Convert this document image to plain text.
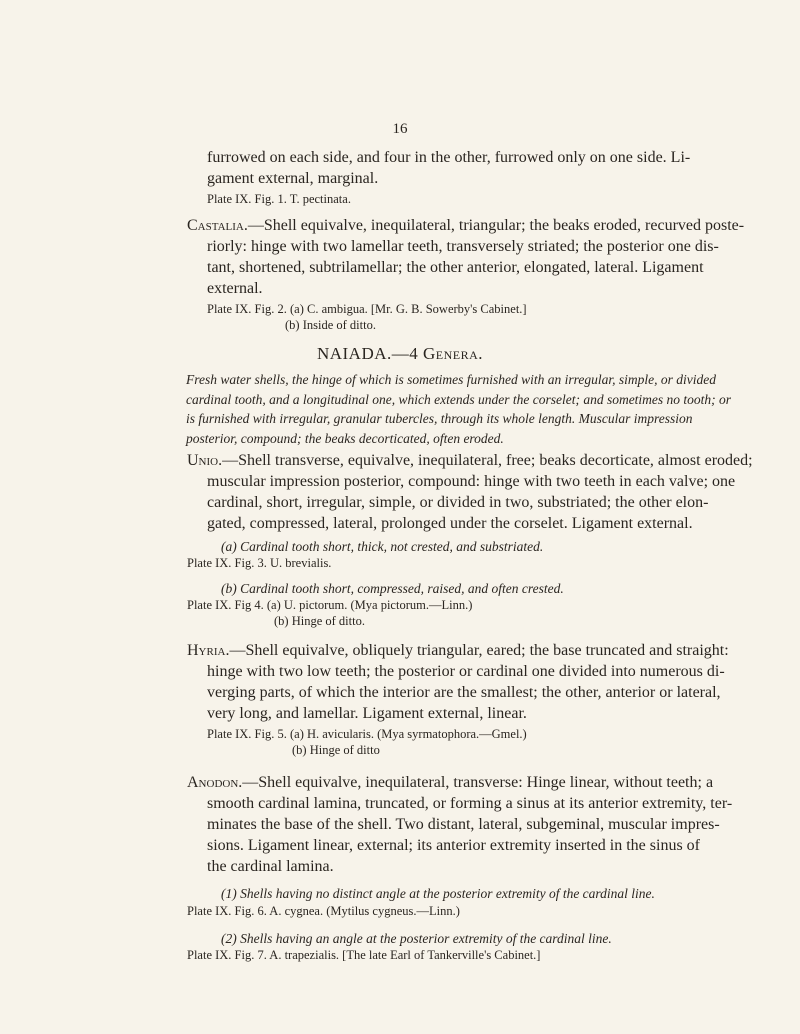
16
furrowed on each side, and four in the other, furrowed only on one side. Li-
gament external, marginal.
Plate IX. Fig. 1. T. pectinata.
Castalia.—Shell equivalve, inequilateral, triangular; the beaks eroded, recurved poste-
riorly: hinge with two lamellar teeth, transversely striated; the posterior one dis-
tant, shortened, subtrilamellar; the other anterior, elongated, lateral. Ligament
external.
Plate IX. Fig. 2. (a) C. ambigua. [Mr. G. B. Sowerby's Cabinet.]
(b) Inside of ditto.
NAIADA.—4 Genera.
Fresh water shells, the hinge of which is sometimes furnished with an irregular, simple, or divided
cardinal tooth, and a longitudinal one, which extends under the corselet; and sometimes no tooth; or
is furnished with irregular, granular tubercles, through its whole length. Muscular impression
posterior, compound; the beaks decorticated, often eroded.
Unio.—Shell transverse, equivalve, inequilateral, free; beaks decorticate, almost eroded;
muscular impression posterior, compound: hinge with two teeth in each valve; one
cardinal, short, irregular, simple, or divided in two, substriated; the other elon-
gated, compressed, lateral, prolonged under the corselet. Ligament external.
(a) Cardinal tooth short, thick, not crested, and substriated.
Plate IX. Fig. 3. U. brevialis.
(b) Cardinal tooth short, compressed, raised, and often crested.
Plate IX. Fig 4. (a) U. pictorum. (Mya pictorum.—Linn.)
(b) Hinge of ditto.
Hyria.—Shell equivalve, obliquely triangular, eared; the base truncated and straight:
hinge with two low teeth; the posterior or cardinal one divided into numerous di-
verging parts, of which the interior are the smallest; the other, anterior or lateral,
very long, and lamellar. Ligament external, linear.
Plate IX. Fig. 5. (a) H. avicularis. (Mya syrmatophora.—Gmel.)
(b) Hinge of ditto
Anodon.—Shell equivalve, inequilateral, transverse: Hinge linear, without teeth; a
smooth cardinal lamina, truncated, or forming a sinus at its anterior extremity, ter-
minates the base of the shell. Two distant, lateral, subgeminal, muscular impres-
sions. Ligament linear, external; its anterior extremity inserted in the sinus of
the cardinal lamina.
(1) Shells having no distinct angle at the posterior extremity of the cardinal line.
Plate IX. Fig. 6. A. cygnea. (Mytilus cygneus.—Linn.)
(2) Shells having an angle at the posterior extremity of the cardinal line.
Plate IX. Fig. 7. A. trapezialis. [The late Earl of Tankerville's Cabinet.]
